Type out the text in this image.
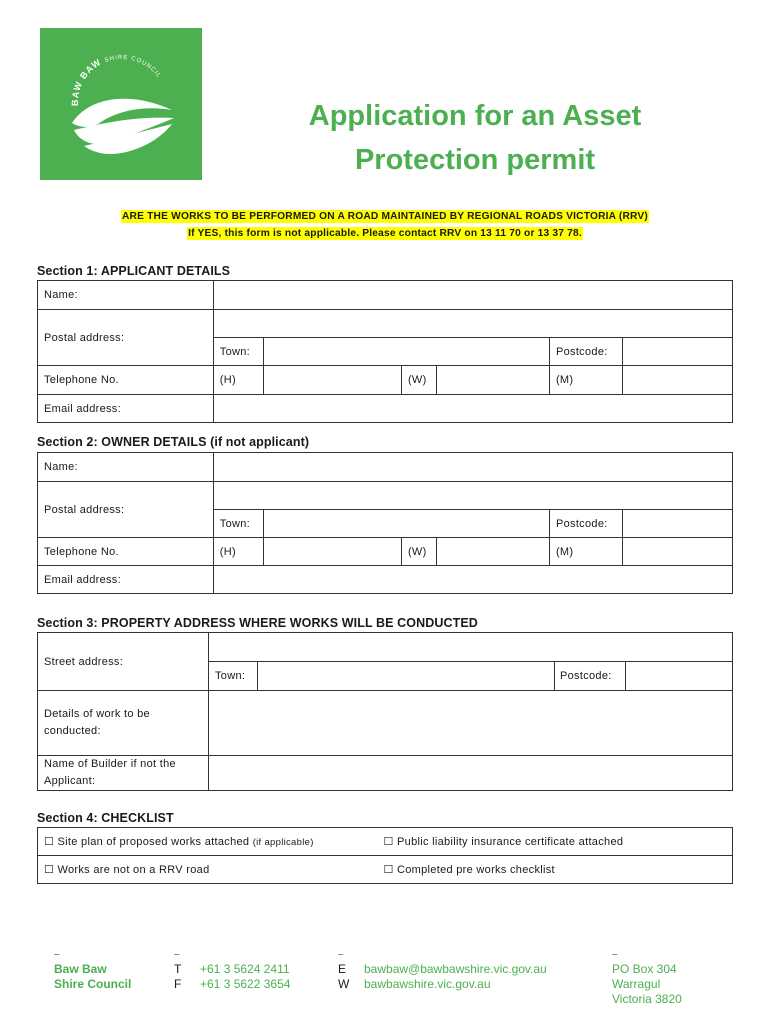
BAW BAW SHIRE COUNCIL
Application for an Asset
Protection permit
ARE THE WORKS TO BE PERFORMED ON A ROAD MAINTAINED BY REGIONAL ROADS VICTORIA (RRV)
If YES, this form is not applicable. Please contact RRV on 13 11 70 or 13 37 78.
Section 1: APPLICANT DETAILS
Name:						
Postal address:						
	Town:				Postcode:	
Telephone No.	(H)		(W)		(M)	
Email address:						
Section 2: OWNER DETAILS (if not applicant)
Name:						
Postal address:						
	Town:				Postcode:	
Telephone No.	(H)		(W)		(M)	
Email address:						
Section 3: PROPERTY ADDRESS WHERE WORKS WILL BE CONDUCTED
Street address:	
Town:			Postcode:	

Details of work to be
conducted:

Name of Builder if not the
Applicant:

Section 4: CHECKLIST
☐ Site plan of proposed works attached (if applicable)	☐ Public liability insurance certificate attached
☐ Works are not on a RRV road	☐ Completed pre works checklist
–
Baw Baw
Shire Council
–
T
F
+61 3 5624 2411
+61 3 5622 3654
–
E
W
bawbaw@bawbawshire.vic.gov.au
bawbawshire.vic.gov.au
–
PO Box 304
Warragul
Victoria 3820
